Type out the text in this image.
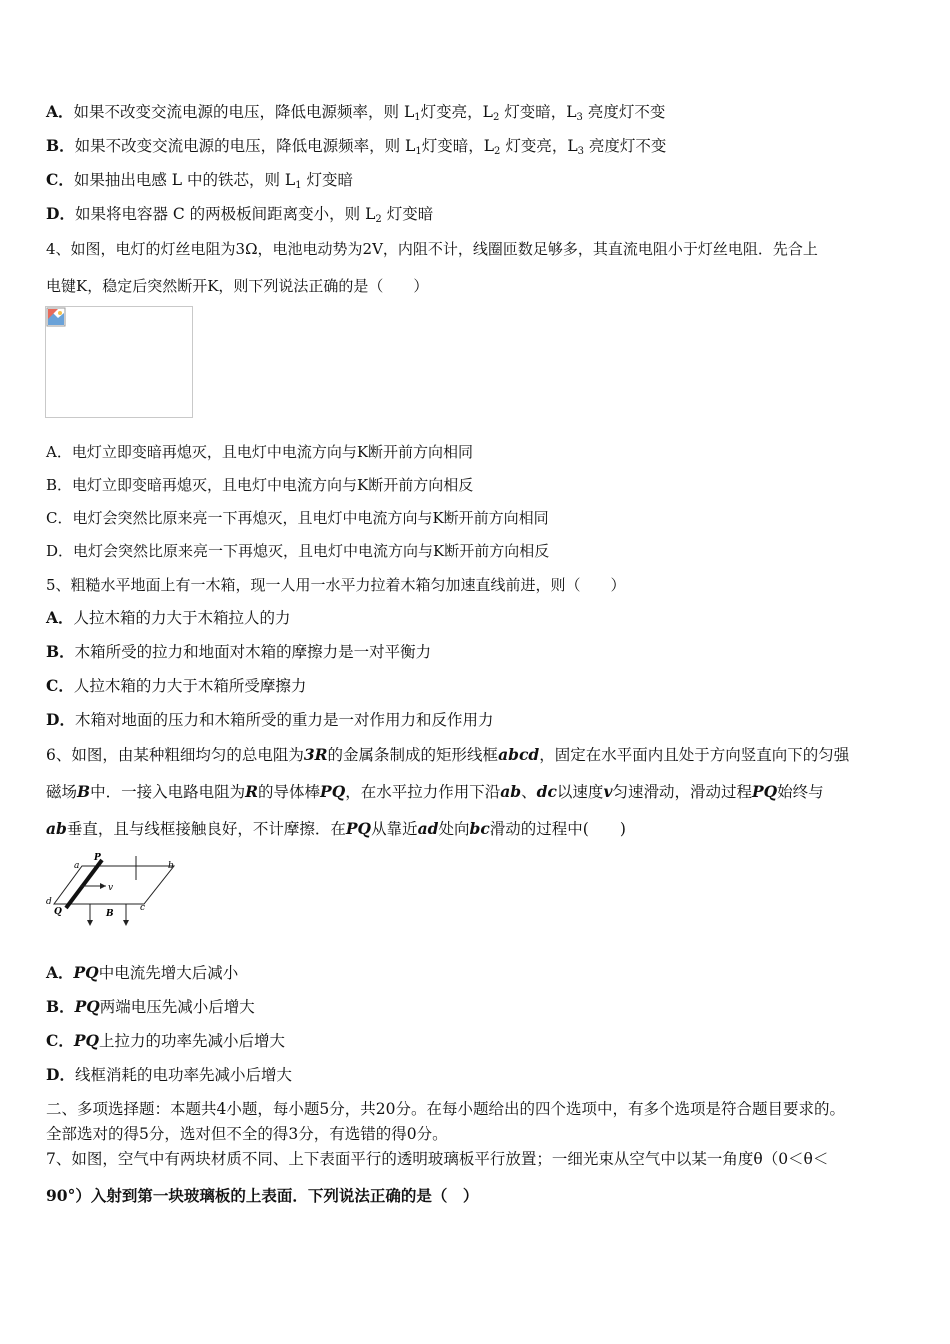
A．如果不改变交流电源的电压，降低电源频率，则 $L_1$灯变亮，$L_2$ 灯变暗，$L_3$ 亮度灯不变
B．如果不改变交流电源的电压，降低电源频率，则 $L_1$灯变暗，$L_2$ 灯变亮，$L_3$ 亮度灯不变
C．如果抽出电感 L 中的铁芯，则 $L_1$ 灯变暗
D．如果将电容器 C 的两极板间距离变小，则 $L_2$ 灯变暗
4、如图，电灯的灯丝电阻为3Ω，电池电动势为2V，内阻不计，线圈匝数足够多，其直流电阻小于灯丝电阻．先合上
电键K，稳定后突然断开K，则下列说法正确的是（　　）
A．电灯立即变暗再熄灭，且电灯中电流方向与K断开前方向相同
B．电灯立即变暗再熄灭，且电灯中电流方向与K断开前方向相反
C．电灯会突然比原来亮一下再熄灭，且电灯中电流方向与K断开前方向相同
D．电灯会突然比原来亮一下再熄灭，且电灯中电流方向与K断开前方向相反
5、粗糙水平地面上有一木箱，现一人用一水平力拉着木箱匀加速直线前进，则（　　）
A．人拉木箱的力大于木箱拉人的力
B．木箱所受的拉力和地面对木箱的摩擦力是一对平衡力
C．人拉木箱的力大于木箱所受摩擦力
D．木箱对地面的压力和木箱所受的重力是一对作用力和反作用力
6、如图，由某种粗细均匀的总电阻为3R的金属条制成的矩形线框abcd，固定在水平面内且处于方向竖直向下的匀强
磁场B中．一接入电路电阻为R的导体棒PQ，在水平拉力作用下沿ab、dc以速度v匀速滑动，滑动过程PQ始终与
ab垂直，且与线框接触良好，不计摩擦．在PQ从靠近ad处向bc滑动的过程中(　　)
a	b
c
d
P
Q
v
B
A．PQ中电流先增大后减小
B．PQ两端电压先减小后增大
C．PQ上拉力的功率先减小后增大
D．线框消耗的电功率先减小后增大
二、多项选择题：本题共4小题，每小题5分，共20分。在每小题给出的四个选项中，有多个选项是符合题目要求的。
全部选对的得5分，选对但不全的得3分，有选错的得0分。
7、如图，空气中有两块材质不同、上下表面平行的透明玻璃板平行放置；一细光束从空气中以某一角度θ（0＜θ＜
90°）入射到第一块玻璃板的上表面．下列说法正确的是（　）
